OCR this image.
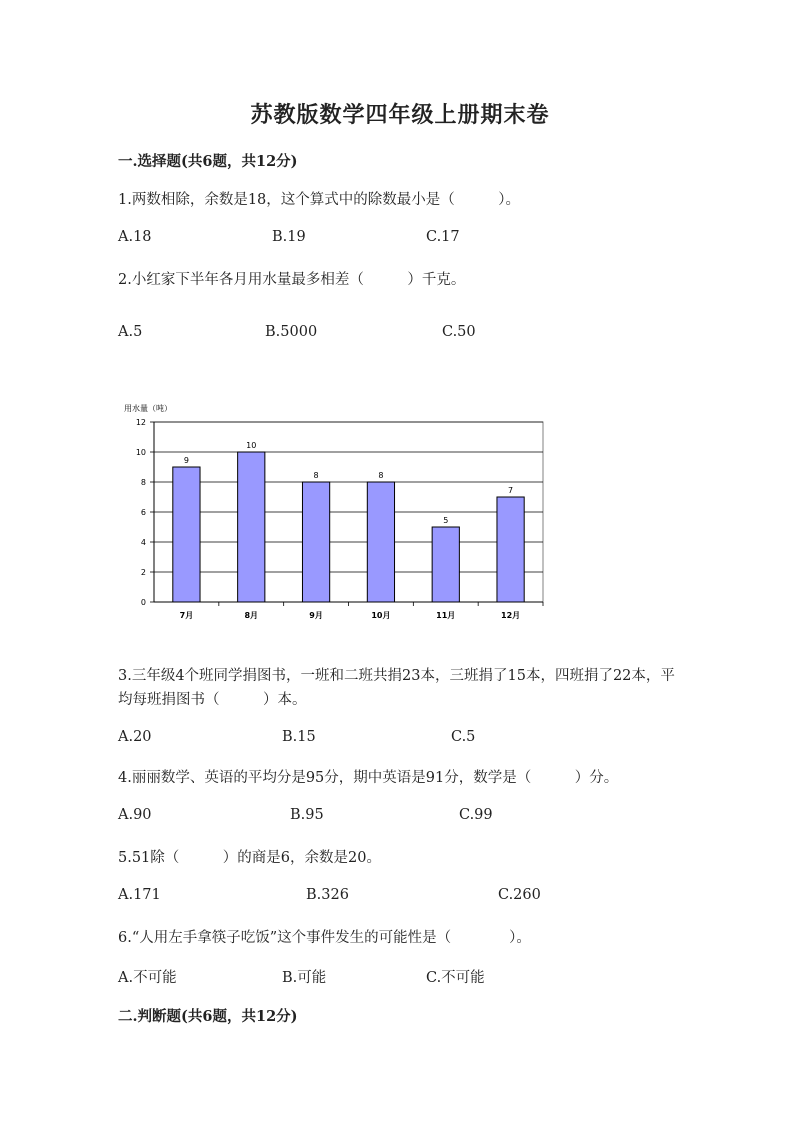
苏教版数学四年级上册期末卷
一.选择题(共6题，共12分)
1.两数相除，余数是18，这个算式中的除数最小是（　　　）。
A.18	B.19	C.17
2.小红家下半年各月用水量最多相差（　　　）千克。
A.5	B.5000	C.50
用水量（吨）
0
2
4
6
8
10
12
9
7月
10
8月
8
9月
8
10月
5
11月
7
12月
3.三年级4个班同学捐图书，一班和二班共捐23本，三班捐了15本，四班捐了22本，平均每班捐图书（　　　）本。
A.20	B.15	C.5
4.丽丽数学、英语的平均分是95分，期中英语是91分，数学是（　　　）分。
A.90	B.95	C.99
5.51除（　　　）的商是6，余数是20。
A.171	B.326	C.260
6.“人用左手拿筷子吃饭”这个事件发生的可能性是（　　　　）。
A.不可能	B.可能	C.不可能
二.判断题(共6题，共12分)
